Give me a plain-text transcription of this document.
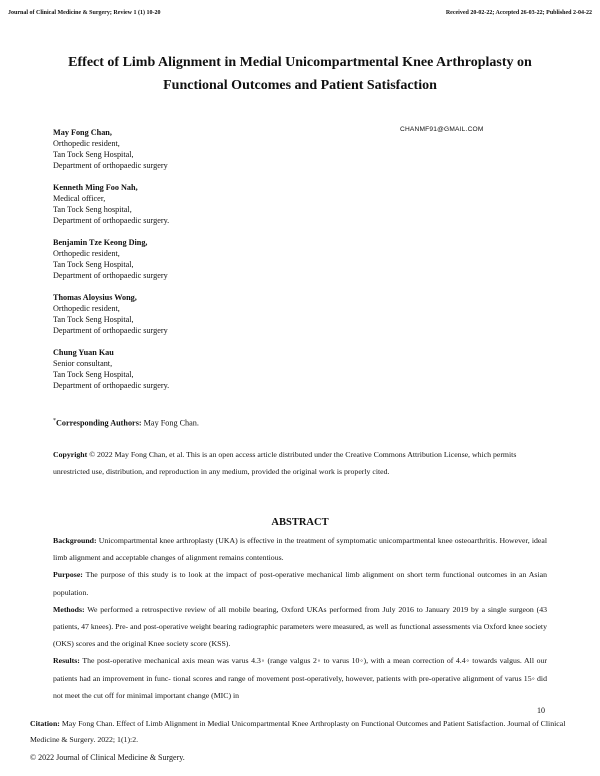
Journal of Clinical Medicine & Surgery; Review 1 (1) 10-20	Received 20-02-22; Accepted 26-03-22; Published 2-04-22
Effect of Limb Alignment in Medial Unicompartmental Knee Arthroplasty on Functional Outcomes and Patient Satisfaction
CHANMF91@GMAIL.COM
May Fong Chan,
Orthopedic resident,
Tan Tock Seng Hospital,
Department of orthopaedic surgery
Kenneth Ming Foo Nah,
Medical officer,
Tan Tock Seng hospital,
Department of orthopaedic surgery.
Benjamin Tze Keong Ding,
Orthopedic resident,
Tan Tock Seng Hospital,
Department of orthopaedic surgery
Thomas Aloysius Wong,
Orthopedic resident,
Tan Tock Seng Hospital,
Department of orthopaedic surgery
Chung Yuan Kau
Senior consultant,
Tan Tock Seng Hospital,
Department of orthopaedic surgery.
*Corresponding Authors: May Fong Chan.
Copyright © 2022 May Fong Chan, et al. This is an open access article distributed under the Creative Commons Attribution License, which permits unrestricted use, distribution, and reproduction in any medium, provided the original work is properly cited.
ABSTRACT

Background: Unicompartmental knee arthroplasty (UKA) is effective in the treatment of symptomatic unicompartmental knee osteoarthritis. However, ideal limb alignment and acceptable changes of alignment remains contentious.

Purpose: The purpose of this study is to look at the impact of post-operative mechanical limb alignment on short term functional outcomes in an Asian population.

Methods: We performed a retrospective review of all mobile bearing, Oxford UKAs performed from July 2016 to January 2019 by a single surgeon (43 patients, 47 knees). Pre- and post-operative weight bearing radiographic parameters were measured, as well as functional assessments via Oxford knee society (OKS) scores and the original Knee society score (KSS).

Results: The post-operative mechanical axis mean was varus 4.3◦ (range valgus 2◦ to varus 10◦), with a mean correction of 4.4◦ towards valgus. All our patients had an improvement in func- tional scores and range of movement post-operatively, however, patients with pre-operative alignment of varus 15◦ did not meet the cut off for minimal important change (MIC) in

10
Citation: May Fong Chan. Effect of Limb Alignment in Medial Unicompartmental Knee Arthroplasty on Functional Outcomes and Patient Satisfaction. Journal of Clinical Medicine & Surgery. 2022; 1(1):2.
© 2022 Journal of Clinical Medicine & Surgery.
